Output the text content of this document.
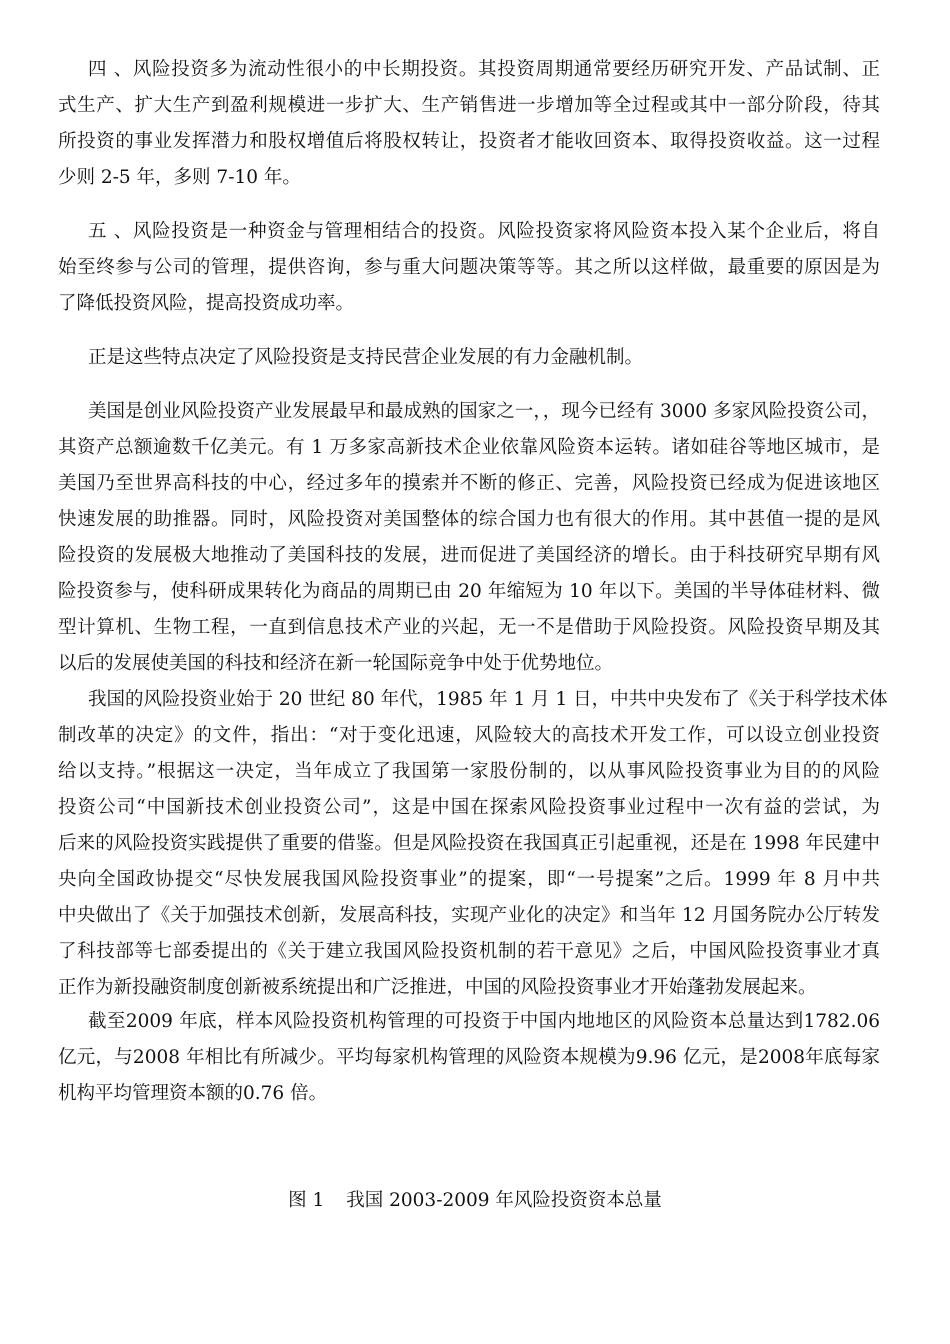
四 、风险投资多为流动性很小的中长期投资。其投资周期通常要经历研究开发、产品试制、正
式生产、扩大生产到盈利规模进一步扩大、生产销售进一步增加等全过程或其中一部分阶段，待其
所投资的事业发挥潜力和股权增值后将股权转让，投资者才能收回资本、取得投资收益。这一过程
少则 2-5 年，多则 7-10 年。
五 、风险投资是一种资金与管理相结合的投资。风险投资家将风险资本投入某个企业后，将自
始至终参与公司的管理，提供咨询，参与重大问题决策等等。其之所以这样做，最重要的原因是为
了降低投资风险，提高投资成功率。
正是这些特点决定了风险投资是支持民营企业发展的有力金融机制。
美国是创业风险投资产业发展最早和最成熟的国家之一，，现今已经有 3000 多家风险投资公司，
其资产总额逾数千亿美元。有 1 万多家高新技术企业依靠风险资本运转。诸如硅谷等地区城市，是
美国乃至世界高科技的中心，经过多年的摸索并不断的修正、完善，风险投资已经成为促进该地区
快速发展的助推器。同时，风险投资对美国整体的综合国力也有很大的作用。其中甚值一提的是风
险投资的发展极大地推动了美国科技的发展，进而促进了美国经济的增长。由于科技研究早期有风
险投资参与，使科研成果转化为商品的周期已由 20 年缩短为 10 年以下。美国的半导体硅材料、微
型计算机、生物工程，一直到信息技术产业的兴起，无一不是借助于风险投资。风险投资早期及其
以后的发展使美国的科技和经济在新一轮国际竞争中处于优势地位。
我国的风险投资业始于 20 世纪 80 年代，1985 年 1 月 1 日，中共中央发布了《关于科学技术体
制改革的决定》的文件，指出：“对于变化迅速，风险较大的高技术开发工作，可以设立创业投资
给以支持。”根据这一决定，当年成立了我国第一家股份制的，以从事风险投资事业为目的的风险
投资公司“中国新技术创业投资公司”，这是中国在探索风险投资事业过程中一次有益的尝试，为
后来的风险投资实践提供了重要的借鉴。但是风险投资在我国真正引起重视，还是在 1998 年民建中
央向全国政协提交“尽快发展我国风险投资事业”的提案，即“一号提案”之后。1999 年 8 月中共
中央做出了《关于加强技术创新，发展高科技，实现产业化的决定》和当年 12 月国务院办公厅转发
了科技部等七部委提出的《关于建立我国风险投资机制的若干意见》之后，中国风险投资事业才真
正作为新投融资制度创新被系统提出和广泛推进，中国的风险投资事业才开始蓬勃发展起来。
截至2009 年底，样本风险投资机构管理的可投资于中国内地地区的风险资本总量达到1782.06
亿元，与2008 年相比有所减少。平均每家机构管理的风险资本规模为9.96 亿元，是2008年底每家
机构平均管理资本额的0.76 倍。

图 1 我国 2003-2009 年风险投资资本总量
